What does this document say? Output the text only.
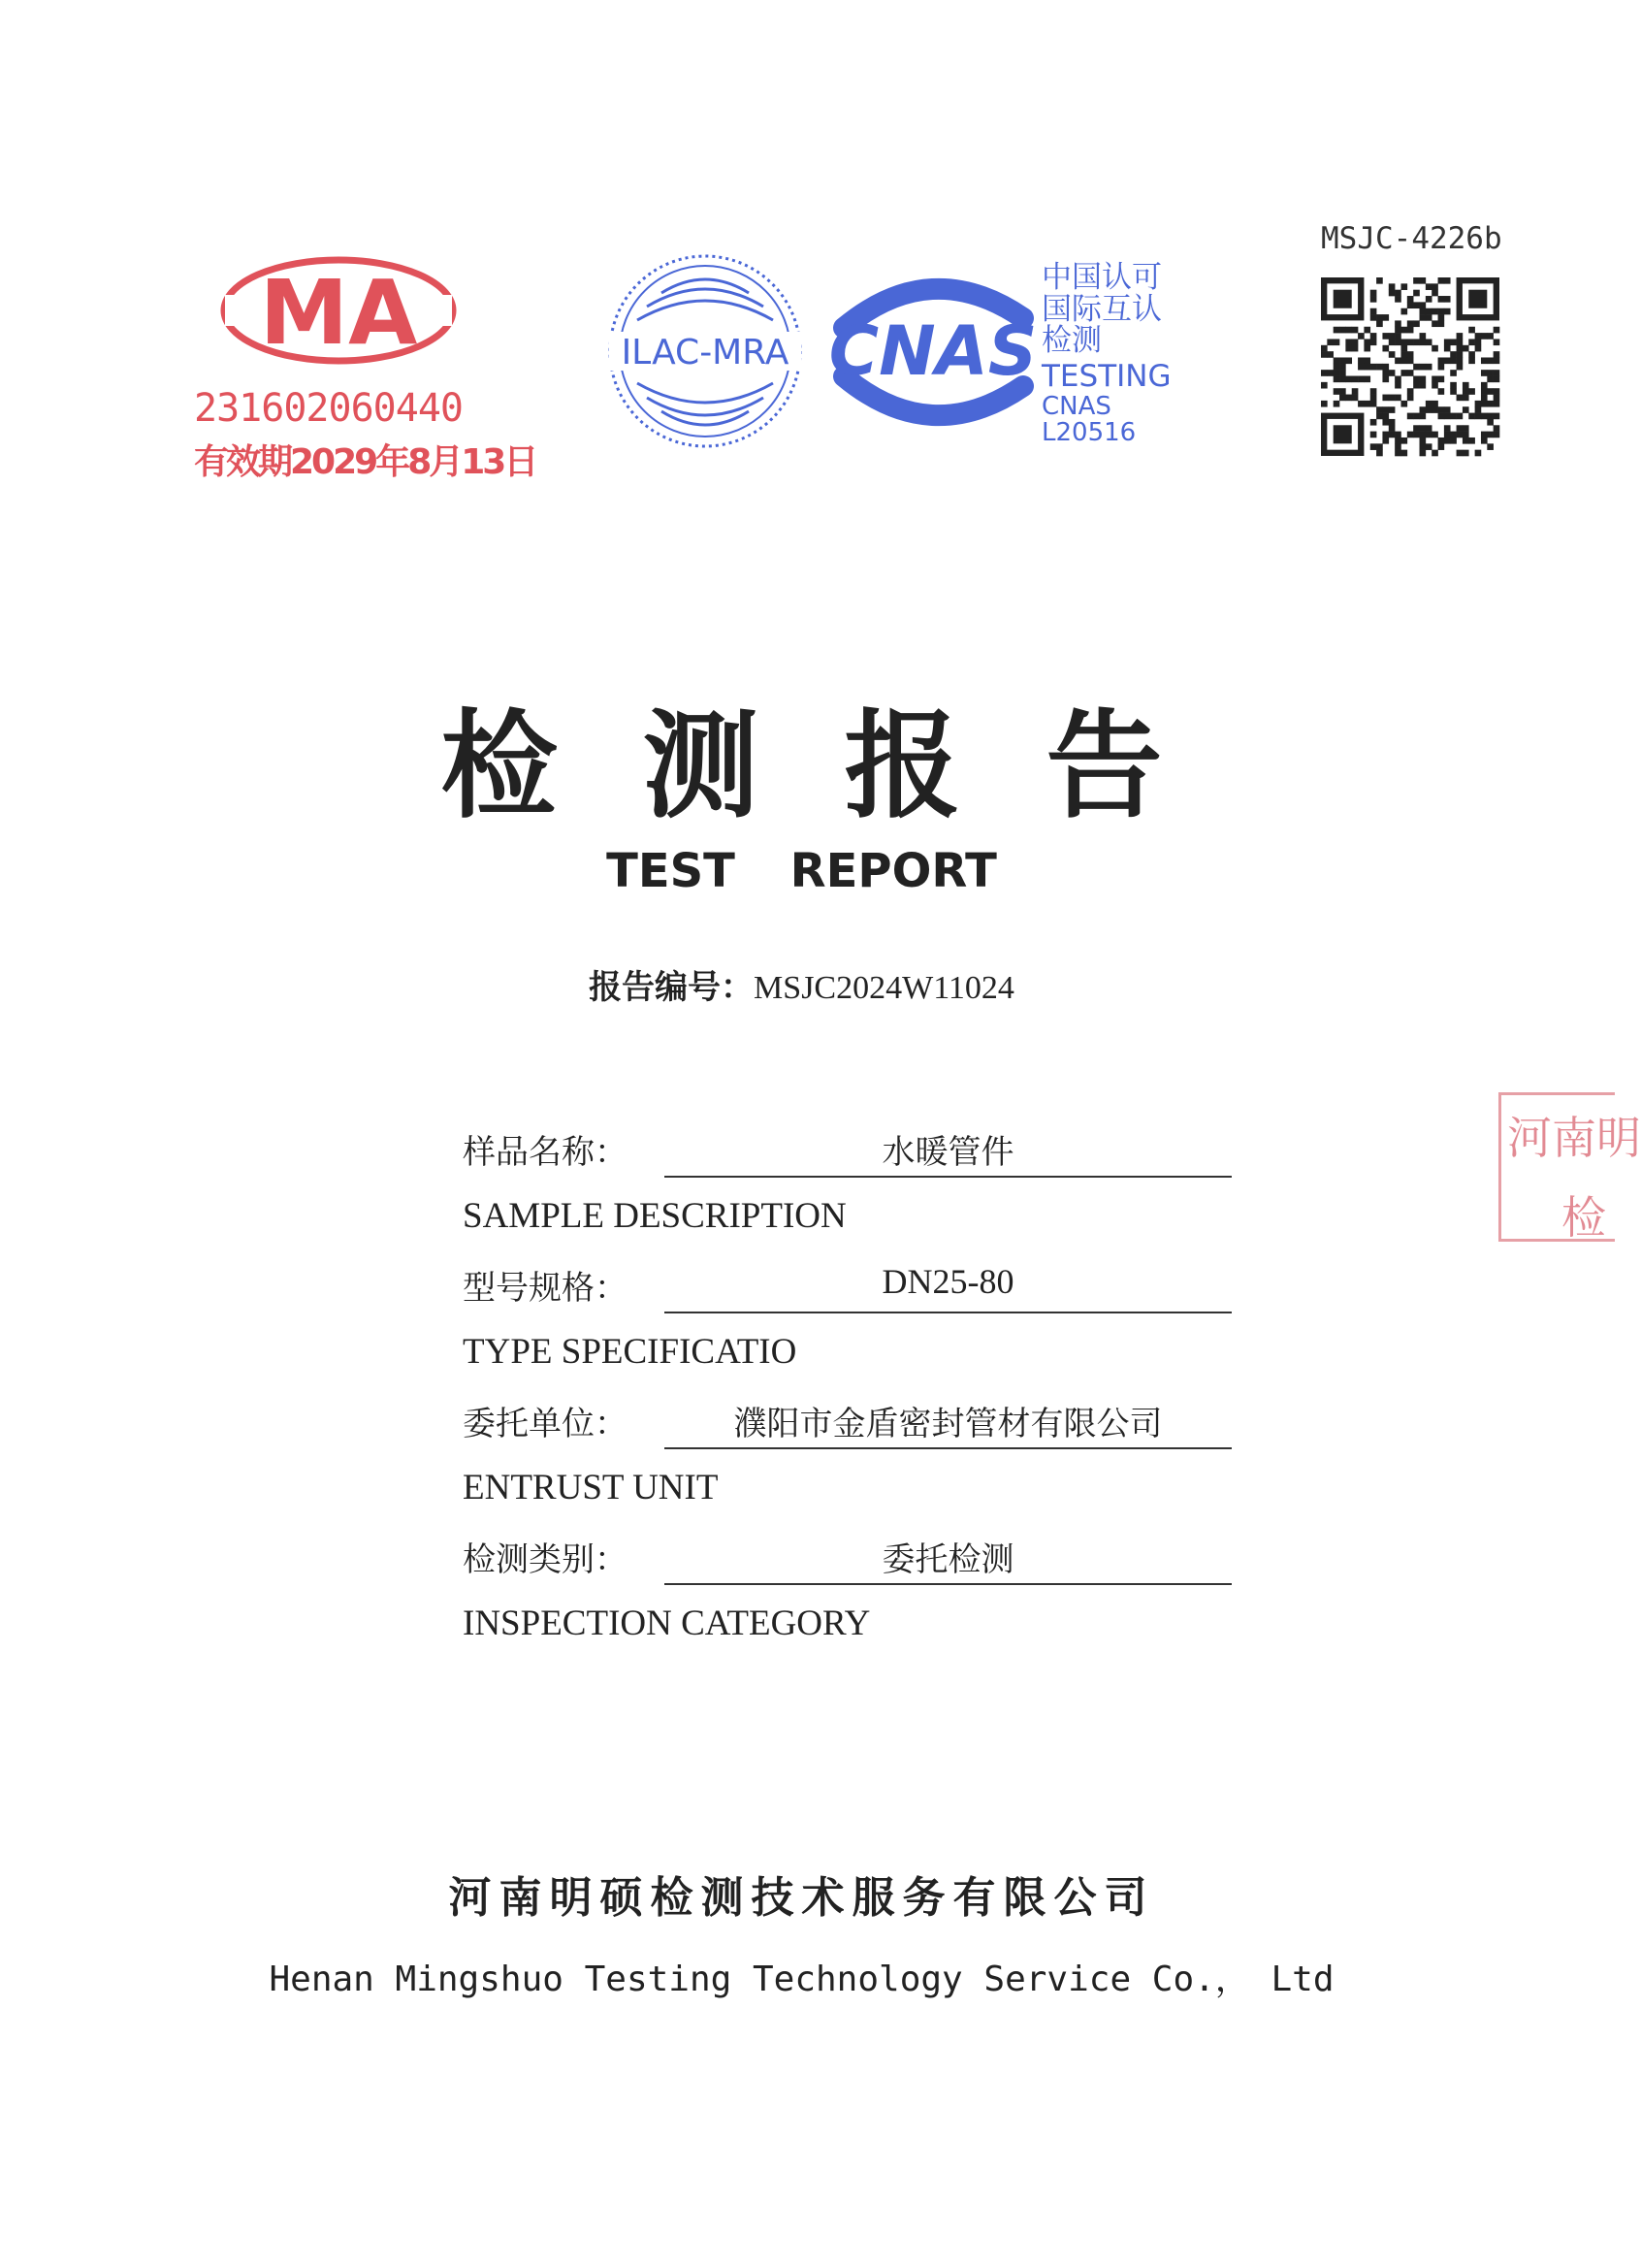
MA
231602060440
有效期2029年8月13日
ILAC-MRA CNAS
中国认可
国际互认
检测
TESTING
CNAS L20516
MSJC-4226b
检测报告
TEST REPORT
报告编号：MSJC2024W11024
河南明
检
样品名称：	水暖管件
SAMPLE DESCRIPTION
型号规格：	DN25-80
TYPE SPECIFICATIO
委托单位：	濮阳市金盾密封管材有限公司
ENTRUST UNIT
检测类别：	委托检测
INSPECTION CATEGORY
河南明硕检测技术服务有限公司
Henan Mingshuo Testing Technology Service Co.， Ltd
